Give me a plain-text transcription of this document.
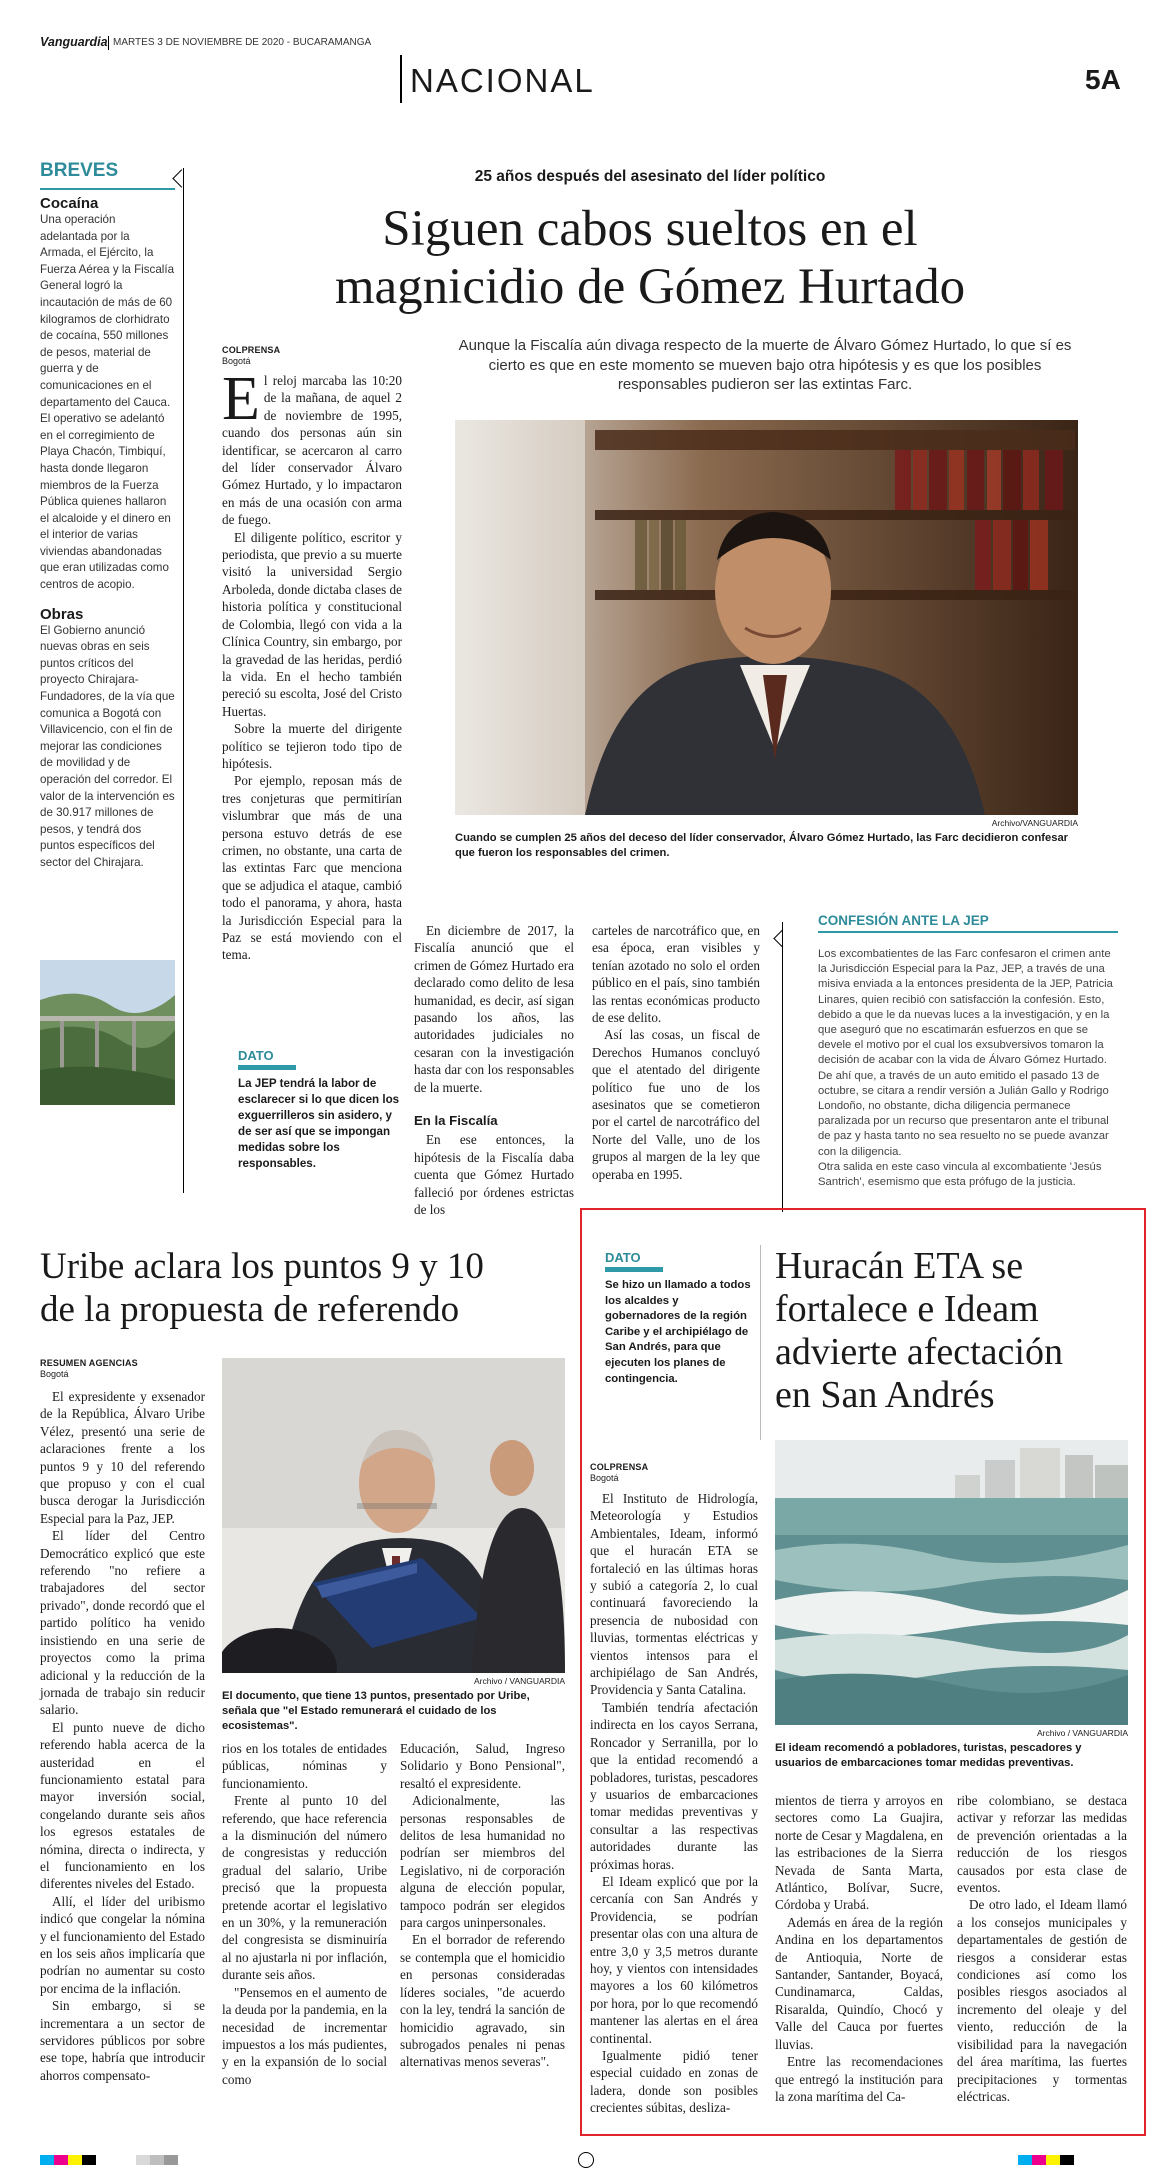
Vanguardia MARTES 3 DE NOVIEMBRE DE 2020 - BUCARAMANGA
NACIONAL	5A
BREVES
Cocaína
Una operación adelantada por la Armada, el Ejército, la Fuerza Aérea y la Fiscalía General logró la incautación de más de 60 kilogramos de clorhidrato de cocaína, 550 millones de pesos, material de guerra y de comunicaciones en el departamento del Cauca. El operativo se adelantó en el corregimiento de Playa Chacón, Timbiquí, hasta donde llegaron miembros de la Fuerza Pública quienes hallaron el alcaloide y el dinero en el interior de varias viviendas abandonadas que eran utilizadas como centros de acopio.
Obras
El Gobierno anunció nuevas obras en seis puntos críticos del proyecto Chirajara-Fundadores, de la vía que comunica a Bogotá con Villavicencio, con el fin de mejorar las condiciones de movilidad y de operación del corredor. El valor de la intervención es de 30.917 millones de pesos, y tendrá dos puntos específicos del sector del Chirajara.
25 años después del asesinato del líder político
Siguen cabos sueltos en el
magnicidio de Gómez Hurtado
COLPRENSA
Bogotá

El reloj marcaba las 10:20 de la mañana, de aquel 2 de noviembre de 1995, cuando dos personas aún sin identificar, se acercaron al carro del líder conservador Álvaro Gómez Hurtado, y lo impactaron en más de una ocasión con arma de fuego.

El diligente político, escritor y periodista, que previo a su muerte visitó la universidad Sergio Arboleda, donde dictaba clases de historia política y constitucional de Colombia, llegó con vida a la Clínica Country, sin embargo, por la gravedad de las heridas, perdió la vida. En el hecho también pereció su escolta, José del Cristo Huertas.

Sobre la muerte del dirigente político se tejieron todo tipo de hipótesis.

Por ejemplo, reposan más de tres conjeturas que permitirían vislumbrar que más de una persona estuvo detrás de ese crimen, no obstante, una carta de las extintas Farc que menciona que se adjudica el ataque, cambió todo el panorama, y ahora, hasta la Jurisdicción Especial para la Paz se está moviendo con el tema.

DATO
La JEP tendrá la labor de esclarecer si lo que dicen los exguerrilleros sin asidero, y de ser así que se impongan medidas sobre los responsables.
Aunque la Fiscalía aún divaga respecto de la muerte de Álvaro Gómez Hurtado, lo que sí es cierto es que en este momento se mueven bajo otra hipótesis y es que los posibles responsables pudieron ser las extintas Farc.
Archivo/VANGUARDIA
Cuando se cumplen 25 años del deceso del líder conservador, Álvaro Gómez Hurtado, las Farc decidieron confesar que fueron los responsables del crimen.

En diciembre de 2017, la Fiscalía anunció que el crimen de Gómez Hurtado era declarado como delito de lesa humanidad, es decir, así sigan pasando los años, las autoridades judiciales no cesaran con la investigación hasta dar con los responsables de la muerte.

En la Fiscalía

En ese entonces, la hipótesis de la Fiscalía daba cuenta que Gómez Hurtado falleció por órdenes estrictas de los

carteles de narcotráfico que, en esa época, eran visibles y tenían azotado no solo el orden público en el país, sino también las rentas económicas producto de ese delito.

Así las cosas, un fiscal de Derechos Humanos concluyó que el atentado del dirigente político fue uno de los asesinatos que se cometieron por el cartel de narcotráfico del Norte del Valle, uno de los grupos al margen de la ley que operaba en 1995.

CONFESIÓN ANTE LA JEP
Los excombatientes de las Farc confesaron el crimen ante la Jurisdicción Especial para la Paz, JEP, a través de una misiva enviada a la entonces presidenta de la JEP, Patricia Linares, quien recibió con satisfacción la confesión. Esto, debido a que le da nuevas luces a la investigación, y en la que aseguró que no escatimarán esfuerzos en que se devele el motivo por el cual los exsubversivos tomaron la decisión de acabar con la vida de Álvaro Gómez Hurtado.
De ahí que, a través de un auto emitido el pasado 13 de octubre, se citara a rendir versión a Julián Gallo y Rodrigo Londoño, no obstante, dicha diligencia permanece paralizada por un recurso que presentaron ante el tribunal de paz y hasta tanto no sea resuelto no se puede avanzar con la diligencia.
Otra salida en este caso vincula al excombatiente 'Jesús Santrich', esemismo que esta prófugo de la justicia.
Uribe aclara los puntos 9 y 10
de la propuesta de referendo
RESUMEN AGENCIAS
Bogotá

El expresidente y exsenador de la República, Álvaro Uribe Vélez, presentó una serie de aclaraciones frente a los puntos 9 y 10 del referendo que propuso y con el cual busca derogar la Jurisdicción Especial para la Paz, JEP.

El líder del Centro Democrático explicó que este referendo "no refiere a trabajadores del sector privado", donde recordó que el partido político ha venido insistiendo en una serie de proyectos como la prima adicional y la reducción de la jornada de trabajo sin reducir salario.

El punto nueve de dicho referendo habla acerca de la austeridad en el funcionamiento estatal para mayor inversión social, congelando durante seis años los egresos estatales de nómina, directa o indirecta, y el funcionamiento en los diferentes niveles del Estado.

Allí, el líder del uribismo indicó que congelar la nómina y el funcionamiento del Estado en los seis años implicaría que podrían no aumentar su costo por encima de la inflación.

Sin embargo, si se incrementara a un sector de servidores públicos por sobre ese tope, habría que introducir ahorros compensato-

Archivo / VANGUARDIA
El documento, que tiene 13 puntos, presentado por Uribe, señala que "el Estado remunerará el cuidado de los ecosistemas".

rios en los totales de entidades públicas, nóminas y funcionamiento.

Frente al punto 10 del referendo, que hace referencia a la disminución del número de congresistas y reducción gradual del salario, Uribe precisó que la propuesta pretende acortar el legislativo en un 30%, y la remuneración del congresista se disminuiría al no ajustarla ni por inflación, durante seis años.

"Pensemos en el aumento de la deuda por la pandemia, en la necesidad de incrementar impuestos a los más pudientes, y en la expansión de lo social como

Educación, Salud, Ingreso Solidario y Bono Pensional", resaltó el expresidente.

Adicionalmente, las personas responsables de delitos de lesa humanidad no podrían ser miembros del Legislativo, ni de corporación alguna de elección popular, tampoco podrán ser elegidos para cargos uninpersonales.

En el borrador de referendo se contempla que el homicidio en personas consideradas líderes sociales, "de acuerdo con la ley, tendrá la sanción de homicidio agravado, sin subrogados penales ni penas alternativas menos severas".

DATO
Se hizo un llamado a todos los alcaldes y gobernadores de la región Caribe y el archipiélago de San Andrés, para que ejecuten los planes de contingencia.
Huracán ETA se
fortalece e Ideam
advierte afectación
en San Andrés
COLPRENSA
Bogotá

El Instituto de Hidrología, Meteorología y Estudios Ambientales, Ideam, informó que el huracán ETA se fortaleció en las últimas horas y subió a categoría 2, lo cual continuará favoreciendo la presencia de nubosidad con lluvias, tormentas eléctricas y vientos intensos para el archipiélago de San Andrés, Providencia y Santa Catalina.

También tendría afectación indirecta en los cayos Serrana, Roncador y Serranilla, por lo que la entidad recomendó a pobladores, turistas, pescadores y usuarios de embarcaciones tomar medidas preventivas y consultar a las respectivas autoridades durante las próximas horas.

El Ideam explicó que por la cercanía con San Andrés y Providencia, se podrían presentar olas con una altura de entre 3,0 y 3,5 metros durante hoy, y vientos con intensidades mayores a los 60 kilómetros por hora, por lo que recomendó mantener las alertas en el área continental.

Igualmente pidió tener especial cuidado en zonas de ladera, donde son posibles crecientes súbitas, desliza-

Archivo / VANGUARDIA
El ideam recomendó a pobladores, turistas, pescadores y usuarios de embarcaciones tomar medidas preventivas.

mientos de tierra y arroyos en sectores como La Guajira, norte de Cesar y Magdalena, en las estribaciones de la Sierra Nevada de Santa Marta, Atlántico, Bolívar, Sucre, Córdoba y Urabá.

Además en área de la región Andina en los departamentos de Antioquia, Norte de Santander, Santander, Boyacá, Cundinamarca, Caldas, Risaralda, Quindío, Chocó y Valle del Cauca por fuertes lluvias.

Entre las recomendaciones que entregó la institución para la zona marítima del Ca-

ribe colombiano, se destaca activar y reforzar las medidas de prevención orientadas a la reducción de los riesgos causados por esta clase de eventos.

De otro lado, el Ideam llamó a los consejos municipales y departamentales de gestión de riesgos a considerar estas condiciones así como los posibles riesgos asociados al incremento del oleaje y del viento, reducción de la visibilidad para la navegación del área marítima, las fuertes precipitaciones y tormentas eléctricas.
